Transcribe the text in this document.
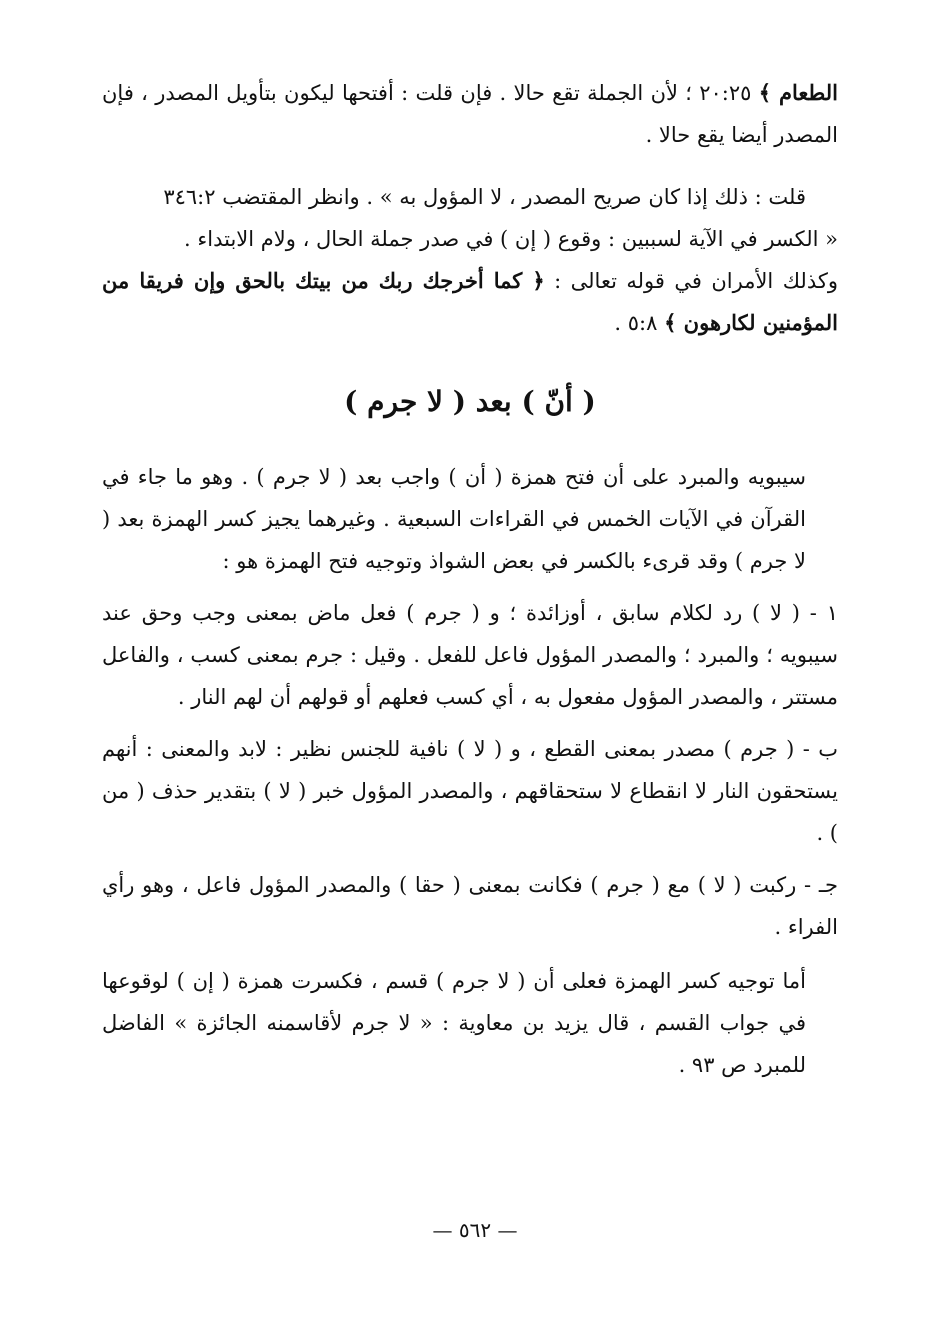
الطعام ﴾ ٢٠:٢٥ ؛ لأن الجملة تقع حالا . فإن قلت : أفتحها ليكون بتأويل المصدر ، فإن المصدر أيضا يقع حالا .

قلت : ذلك إذا كان صريح المصدر ، لا المؤول به » . وانظر المقتضب ٣٤٦:٢

« الكسر في الآية لسببين : وقوع ( إن ) في صدر جملة الحال ، ولام الابتداء .
وكذلك الأمران في قوله تعالى : ﴿ كما أخرجك ربك من بيتك بالحق وإن فريقا من المؤمنين لكارهون ﴾ ٥:٨ .

( أنّ ) بعد ( لا جرم )

سيبويه والمبرد على أن فتح همزة ( أن ) واجب بعد ( لا جرم ) . وهو ما جاء في القرآن في الآيات الخمس في القراءات السبعية . وغيرهما يجيز كسر الهمزة بعد ( لا جرم ) وقد قرىء بالكسر في بعض الشواذ وتوجيه فتح الهمزة هو :

١ - ( لا ) رد لكلام سابق ، أوزائدة ؛ و ( جرم ) فعل ماض بمعنى وجب وحق عند سيبويه ؛ والمبرد ؛ والمصدر المؤول فاعل للفعل . وقيل : جرم بمعنى كسب ، والفاعل مستتر ، والمصدر المؤول مفعول به ، أي كسب فعلهم أو قولهم أن لهم النار .

ب - ( جرم ) مصدر بمعنى القطع ، و ( لا ) نافية للجنس نظير : لابد والمعنى : أنهم يستحقون النار لا انقطاع لا ستحقاقهم ، والمصدر المؤول خبر ( لا ) بتقدير حذف ( من ) .

جـ - ركبت ( لا ) مع ( جرم ) فكانت بمعنى ( حقا ) والمصدر المؤول فاعل ، وهو رأي الفراء .

أما توجيه كسر الهمزة فعلى أن ( لا جرم ) قسم ، فكسرت همزة ( إن ) لوقوعها في جواب القسم ، قال يزيد بن معاوية : « لا جرم لأقاسمنه الجائزة » الفاضل للمبرد ص ٩٣ .

— ٥٦٢ —
